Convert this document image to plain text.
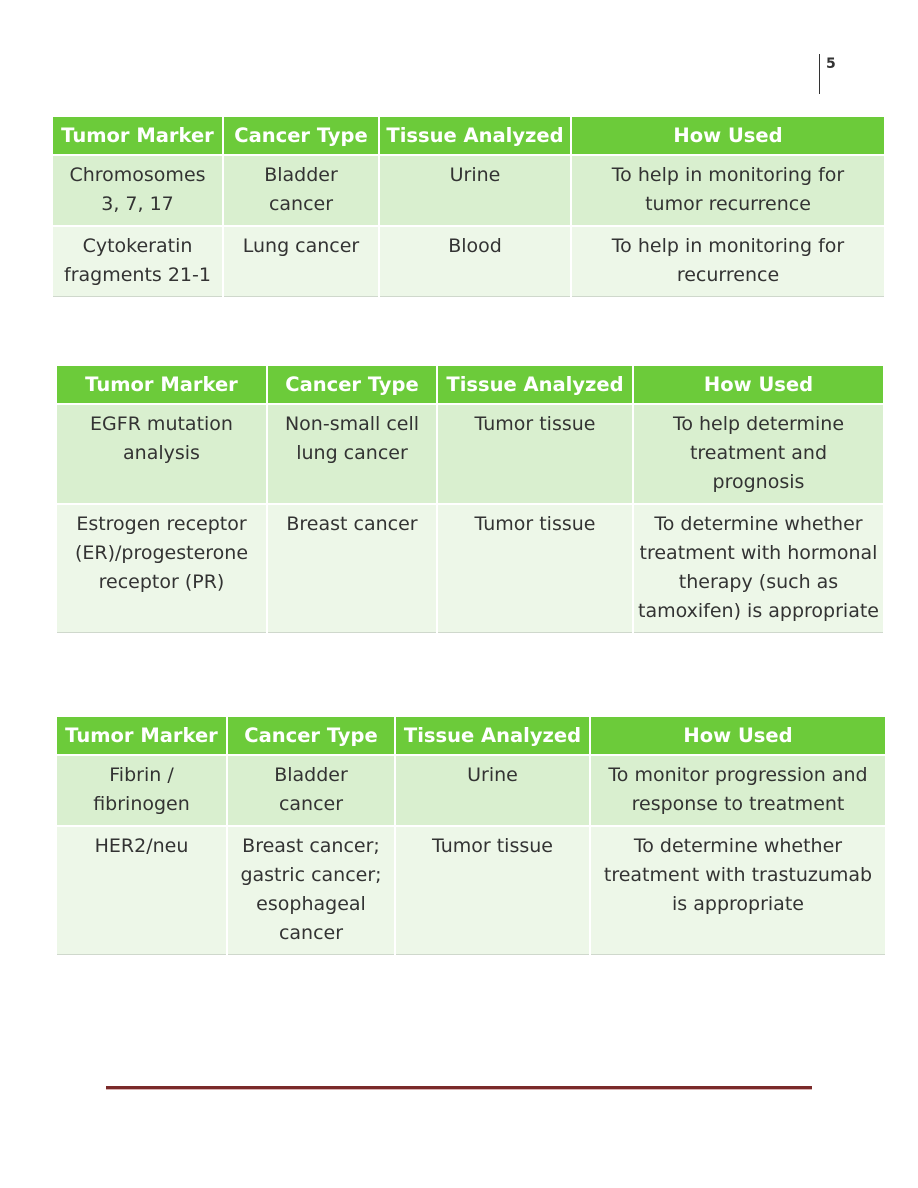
5
Tumor Marker	Cancer Type	Tissue Analyzed	How Used
Chromosomes 3, 7, 17	Bladder cancer	Urine	To help in monitoring for tumor recurrence
Cytokeratin fragments 21-1	Lung cancer	Blood	To help in monitoring for recurrence
Tumor Marker	Cancer Type	Tissue Analyzed	How Used
EGFR mutation analysis	Non-small cell lung cancer	Tumor tissue	To help determine treatment and prognosis
Estrogen receptor (ER)/progesterone receptor (PR)	Breast cancer	Tumor tissue	To determine whether treatment with hormonal therapy (such as tamoxifen) is appropriate
Tumor Marker	Cancer Type	Tissue Analyzed	How Used
Fibrin / fibrinogen	Bladder cancer	Urine	To monitor progression and response to treatment
HER2/neu	Breast cancer; gastric cancer; esophageal cancer	Tumor tissue	To determine whether treatment with trastuzumab is appropriate
